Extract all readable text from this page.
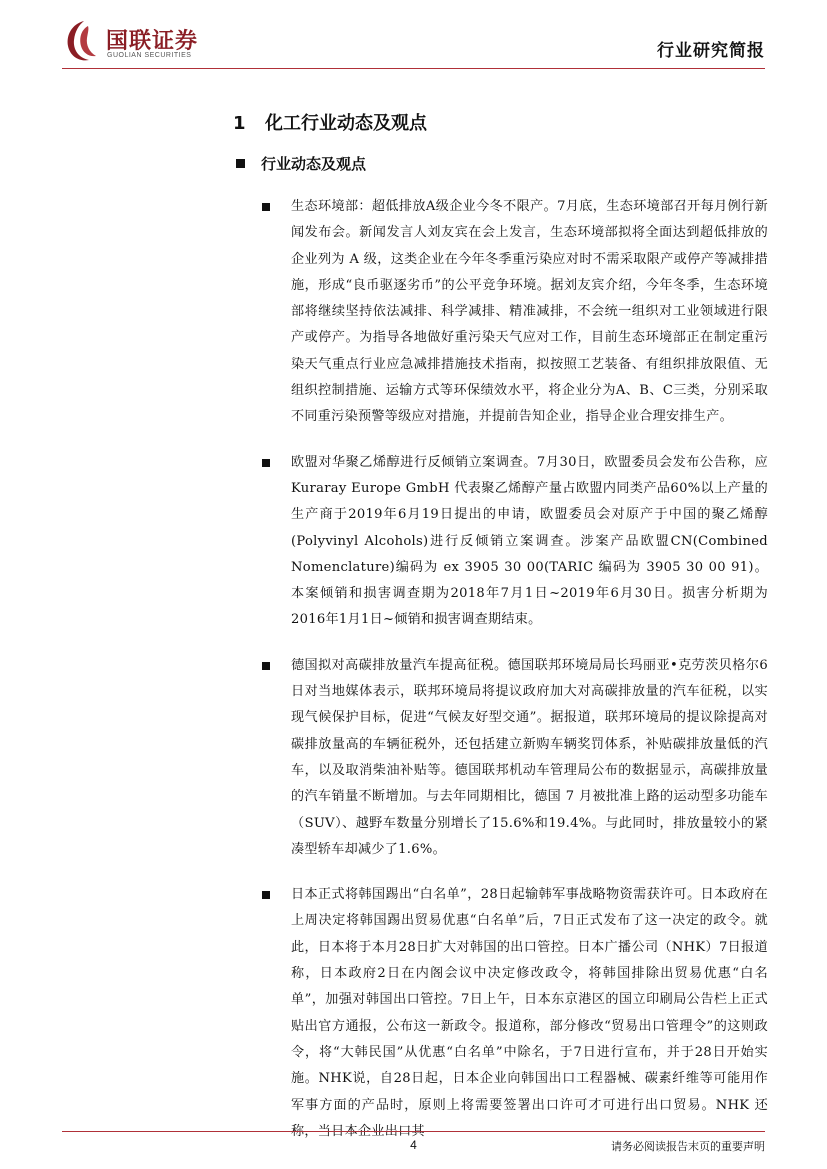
国联证券
GUOLIAN SECURITIES	行业研究简报
1 化工行业动态及观点
行业动态及观点
生态环境部：超低排放A级企业今冬不限产。7月底，生态环境部召开每月例行新闻发布会。新闻发言人刘友宾在会上发言，生态环境部拟将全面达到超低排放的企业列为 A 级，这类企业在今年冬季重污染应对时不需采取限产或停产等减排措施，形成“良币驱逐劣币”的公平竞争环境。据刘友宾介绍，今年冬季，生态环境部将继续坚持依法减排、科学减排、精准减排，不会统一组织对工业领域进行限产或停产。为指导各地做好重污染天气应对工作，目前生态环境部正在制定重污染天气重点行业应急减排措施技术指南，拟按照工艺装备、有组织排放限值、无组织控制措施、运输方式等环保绩效水平，将企业分为A、B、C三类，分别采取不同重污染预警等级应对措施，并提前告知企业，指导企业合理安排生产。
欧盟对华聚乙烯醇进行反倾销立案调查。7月30日，欧盟委员会发布公告称，应 Kuraray Europe GmbH 代表聚乙烯醇产量占欧盟内同类产品60%以上产量的生产商于2019年6月19日提出的申请，欧盟委员会对原产于中国的聚乙烯醇(Polyvinyl Alcohols)进行反倾销立案调查。涉案产品欧盟CN(Combined Nomenclature)编码为 ex 3905 30 00(TARIC 编码为 3905 30 00 91)。本案倾销和损害调查期为2018年7月1日~2019年6月30日。损害分析期为2016年1月1日~倾销和损害调查期结束。
德国拟对高碳排放量汽车提高征税。德国联邦环境局局长玛丽亚•克劳茨贝格尔6日对当地媒体表示，联邦环境局将提议政府加大对高碳排放量的汽车征税，以实现气候保护目标，促进“气候友好型交通”。据报道，联邦环境局的提议除提高对碳排放量高的车辆征税外，还包括建立新购车辆奖罚体系，补贴碳排放量低的汽车，以及取消柴油补贴等。德国联邦机动车管理局公布的数据显示，高碳排放量的汽车销量不断增加。与去年同期相比，德国 7 月被批准上路的运动型多功能车（SUV）、越野车数量分别增长了15.6%和19.4%。与此同时，排放量较小的紧凑型轿车却减少了1.6%。
日本正式将韩国踢出“白名单”，28日起输韩军事战略物资需获许可。日本政府在上周决定将韩国踢出贸易优惠“白名单”后，7日正式发布了这一决定的政令。就此，日本将于本月28日扩大对韩国的出口管控。日本广播公司（NHK）7日报道称，日本政府2日在内阁会议中决定修改政令，将韩国排除出贸易优惠“白名单”，加强对韩国出口管控。7日上午，日本东京港区的国立印刷局公告栏上正式贴出官方通报，公布这一新政令。报道称，部分修改“贸易出口管理令”的这则政令，将“大韩民国”从优惠“白名单”中除名，于7日进行宣布，并于28日开始实施。NHK说，自28日起，日本企业向韩国出口工程器械、碳素纤维等可能用作军事方面的产品时，原则上将需要签署出口许可才可进行出口贸易。NHK 还称，当日本企业出口其
4	请务必阅读报告末页的重要声明
